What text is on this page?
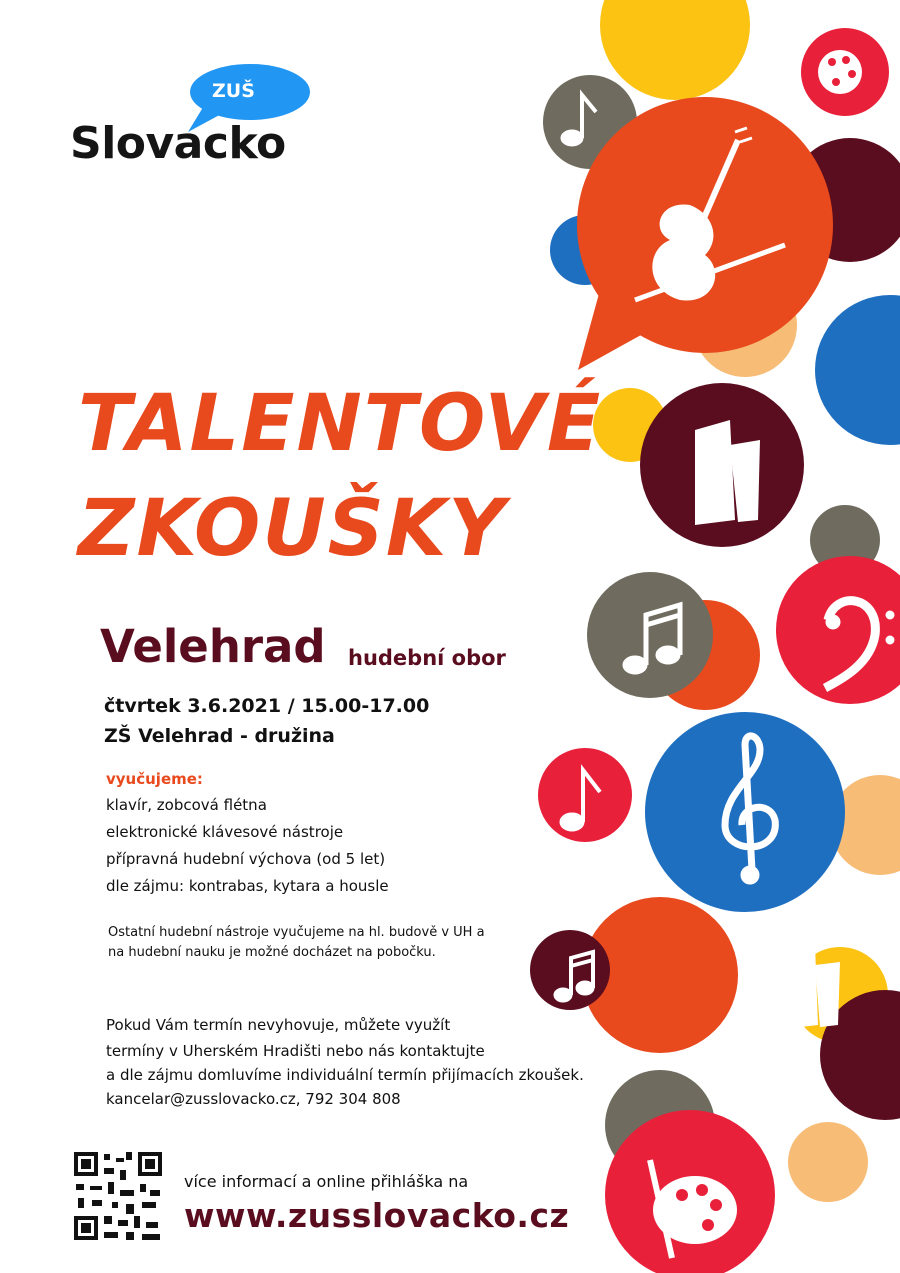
ZUŠ
Slovacko
TALENTOVÉ
ZKOUŠKY
Velehrad hudební obor
čtvrtek 3.6.2021 / 15.00-17.00
ZŠ Velehrad - družina
vyučujeme:
klavír, zobcová flétna
elektronické klávesové nástroje
přípravná hudební výchova (od 5 let)
dle zájmu: kontrabas, kytara a housle
Ostatní hudební nástroje vyučujeme na hl. budově v UH a
na hudební nauku je možné docházet na pobočku.
Pokud Vám termín nevyhovuje, můžete využít
termíny v Uherském Hradišti nebo nás kontaktujte
a dle zájmu domluvíme individuální termín přijímacích zkoušek.
kancelar@zusslovacko.cz, 792 304 808
více informací a online přihláška na
www.zusslovacko.cz
